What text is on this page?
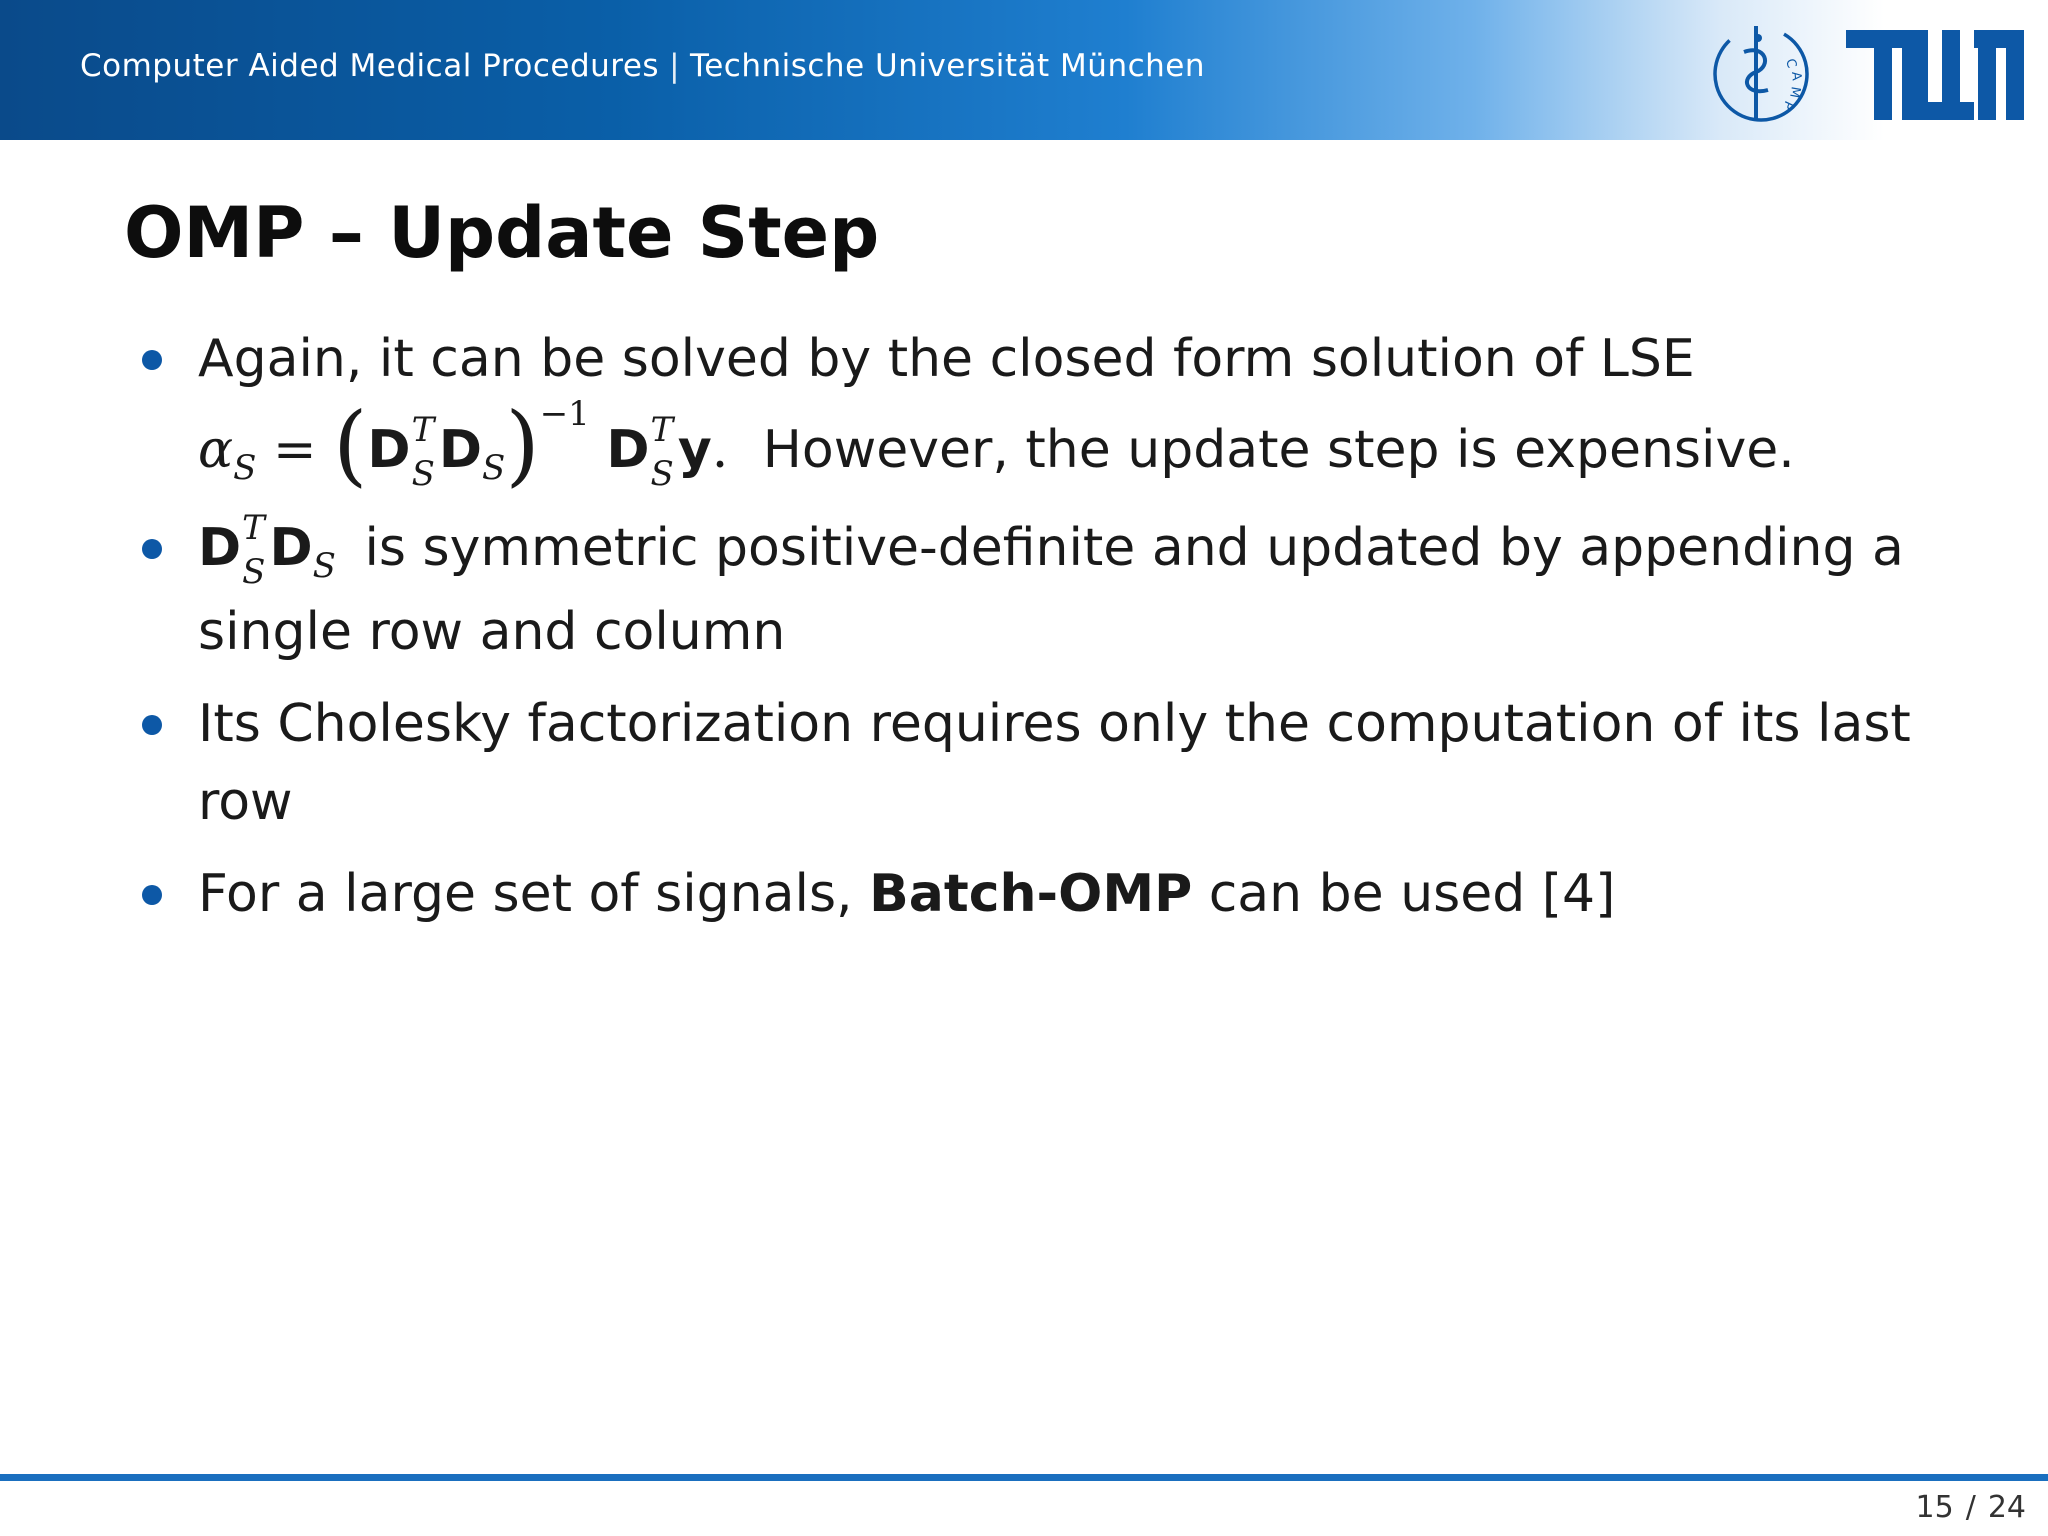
Computer Aided Medical Procedures | Technische Universität München	C
A
M
P
OMP – Update Step
Again, it can be solved by the closed form solution of LSE
$\alpha_S = (D$ T
S $D_S)^{-1}$ D T
S y. However, the update step is expensive.
D T
S $D_S$ is symmetric positive-definite and updated by appending a single row and column
Its Cholesky factorization requires only the computation of its last row
For a large set of signals, Batch-OMP can be used [4]
15 / 24
